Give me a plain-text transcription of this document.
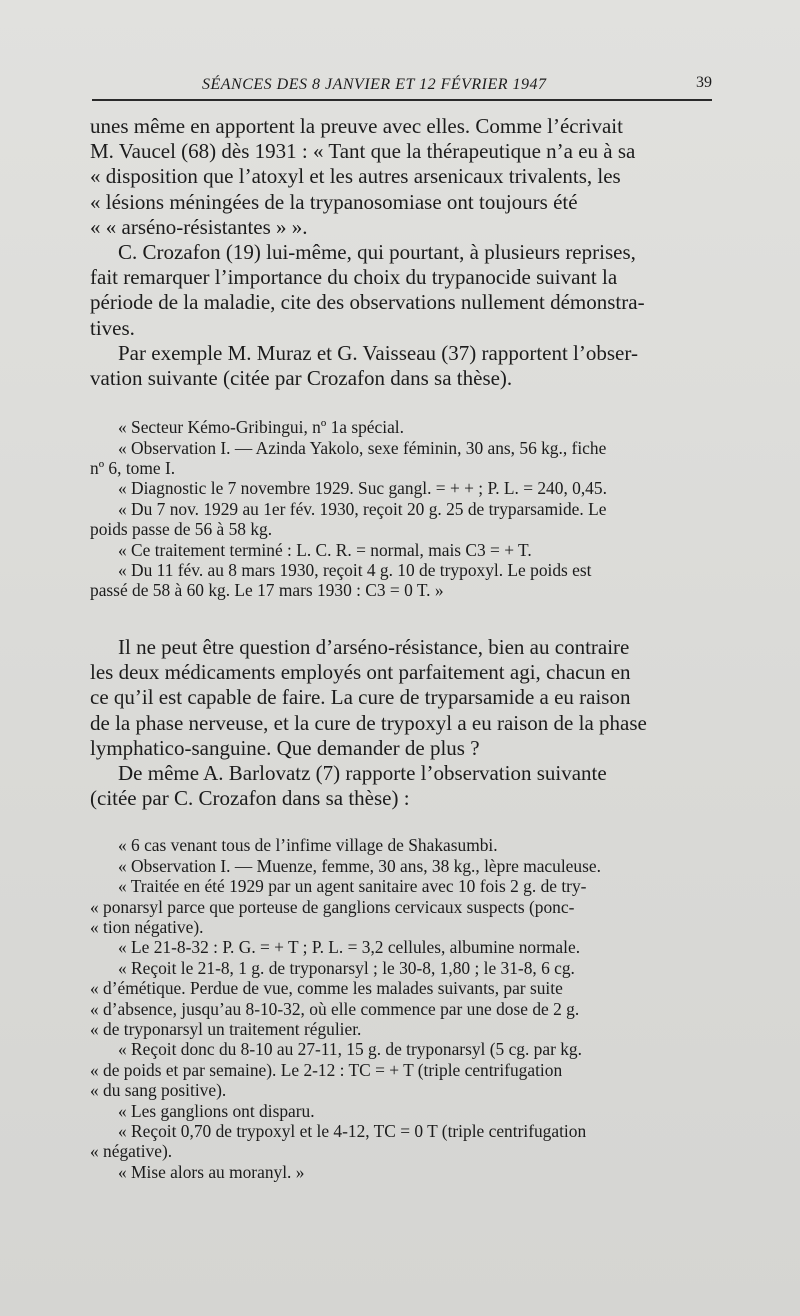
SÉANCES DES 8 JANVIER ET 12 FÉVRIER 1947	39

unes même en apportent la preuve avec elles. Comme l’écrivait
M. Vaucel (68) dès 1931 : « Tant que la thérapeutique n’a eu à sa
« disposition que l’atoxyl et les autres arsenicaux trivalents, les
« lésions méningées de la trypanosomiase ont toujours été
« « arséno-résistantes » ».

C. Crozafon (19) lui-même, qui pourtant, à plusieurs reprises,
fait remarquer l’importance du choix du trypanocide suivant la
période de la maladie, cite des observations nullement démonstra-
tives.

Par exemple M. Muraz et G. Vaisseau (37) rapportent l’obser-
vation suivante (citée par Crozafon dans sa thèse).

« Secteur Kémo-Gribingui, nº 1a spécial.
« Observation I. — Azinda Yakolo, sexe féminin, 30 ans, 56 kg., fiche
nº 6, tome I.
« Diagnostic le 7 novembre 1929. Suc gangl. = + + ; P. L. = 240, 0,45.
« Du 7 nov. 1929 au 1er fév. 1930, reçoit 20 g. 25 de tryparsamide. Le
poids passe de 56 à 58 kg.
« Ce traitement terminé : L. C. R. = normal, mais C3 = + T.
« Du 11 fév. au 8 mars 1930, reçoit 4 g. 10 de trypoxyl. Le poids est
passé de 58 à 60 kg. Le 17 mars 1930 : C3 = 0 T. »

Il ne peut être question d’arséno-résistance, bien au contraire
les deux médicaments employés ont parfaitement agi, chacun en
ce qu’il est capable de faire. La cure de tryparsamide a eu raison
de la phase nerveuse, et la cure de trypoxyl a eu raison de la phase
lymphatico-sanguine. Que demander de plus ?

De même A. Barlovatz (7) rapporte l’observation suivante
(citée par C. Crozafon dans sa thèse) :

« 6 cas venant tous de l’infime village de Shakasumbi.
« Observation I. — Muenze, femme, 30 ans, 38 kg., lèpre maculeuse.
« Traitée en été 1929 par un agent sanitaire avec 10 fois 2 g. de try-
« ponarsyl parce que porteuse de ganglions cervicaux suspects (ponc-
« tion négative).
« Le 21-8-32 : P. G. = + T ; P. L. = 3,2 cellules, albumine normale.
« Reçoit le 21-8, 1 g. de tryponarsyl ; le 30-8, 1,80 ; le 31-8, 6 cg.
« d’émétique. Perdue de vue, comme les malades suivants, par suite
« d’absence, jusqu’au 8-10-32, où elle commence par une dose de 2 g.
« de tryponarsyl un traitement régulier.
« Reçoit donc du 8-10 au 27-11, 15 g. de tryponarsyl (5 cg. par kg.
« de poids et par semaine). Le 2-12 : TC = + T (triple centrifugation
« du sang positive).
« Les ganglions ont disparu.
« Reçoit 0,70 de trypoxyl et le 4-12, TC = 0 T (triple centrifugation
« négative).
« Mise alors au moranyl. »
